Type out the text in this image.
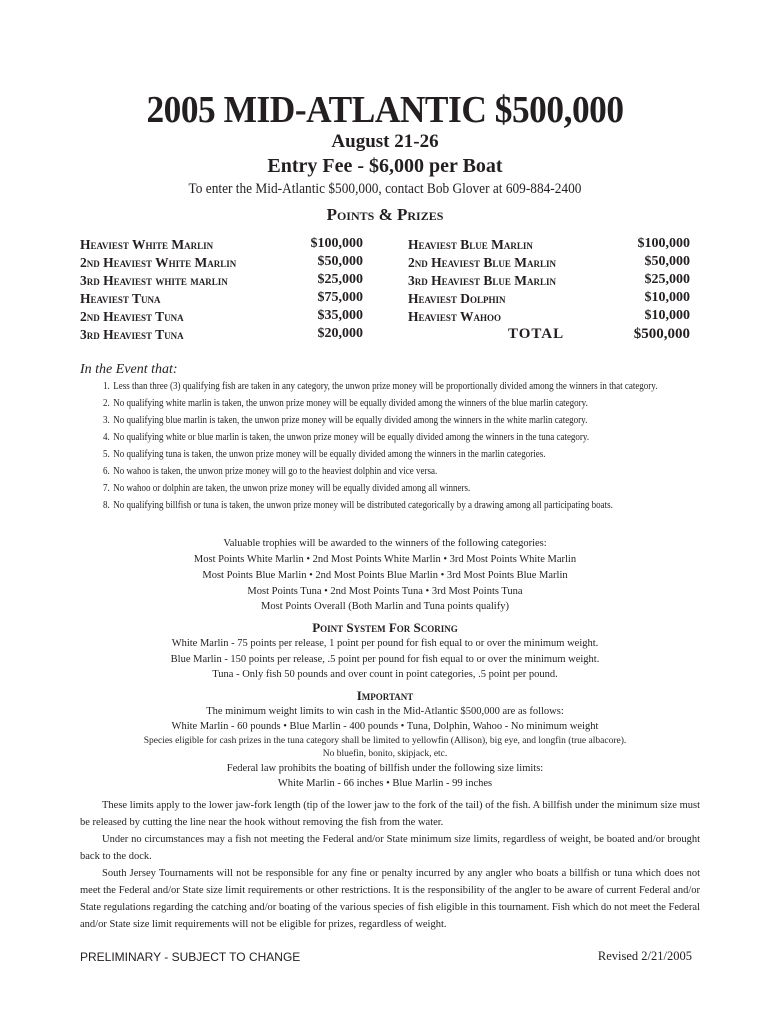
2005 MID-ATLANTIC $500,000
August 21-26
Entry Fee - $6,000 per Boat
To enter the Mid-Atlantic $500,000, contact Bob Glover at 609-884-2400
Points & Prizes
Heaviest White Marlin	$100,000
2nd Heaviest White Marlin	$50,000
3rd Heaviest white marlin	$25,000
Heaviest Tuna	$75,000
2nd Heaviest Tuna	$35,000
3rd Heaviest Tuna	$20,000
Heaviest Blue Marlin	$100,000
2nd Heaviest Blue Marlin	$50,000
3rd Heaviest Blue Marlin	$25,000
Heaviest Dolphin	$10,000
Heaviest Wahoo	$10,000
TOTAL	$500,000
In the Event that:
1. Less than three (3) qualifying fish are taken in any category, the unwon prize money will be proportionally divided among the winners in that category.
2. No qualifying white marlin is taken, the unwon prize money will be equally divided among the winners of the blue marlin category.
3. No qualifying blue marlin is taken, the unwon prize money will be equally divided among the winners in the white marlin category.
4. No qualifying white or blue marlin is taken, the unwon prize money will be equally divided among the winners in the tuna category.
5. No qualifying tuna is taken, the unwon prize money will be equally divided among the winners in the marlin categories.
6. No wahoo is taken, the unwon prize money will go to the heaviest dolphin and vice versa.
7. No wahoo or dolphin are taken, the unwon prize money will be equally divided among all winners.
8. No qualifying billfish or tuna is taken, the unwon prize money will be distributed categorically by a drawing among all participating boats.
Valuable trophies will be awarded to the winners of the following categories:
Most Points White Marlin • 2nd Most Points White Marlin • 3rd Most Points White Marlin
Most Points Blue Marlin • 2nd Most Points Blue Marlin • 3rd Most Points Blue Marlin
Most Points Tuna • 2nd Most Points Tuna • 3rd Most Points Tuna
Most Points Overall (Both Marlin and Tuna points qualify)
Point System For Scoring
White Marlin - 75 points per release, 1 point per pound for fish equal to or over the minimum weight.
Blue Marlin - 150 points per release, .5 point per pound for fish equal to or over the minimum weight.
Tuna - Only fish 50 pounds and over count in point categories, .5 point per pound.
Important
The minimum weight limits to win cash in the Mid-Atlantic $500,000 are as follows:
White Marlin - 60 pounds • Blue Marlin - 400 pounds • Tuna, Dolphin, Wahoo - No minimum weight
Species eligible for cash prizes in the tuna category shall be limited to yellowfin (Allison), big eye, and longfin (true albacore).
No bluefin, bonito, skipjack, etc.
Federal law prohibits the boating of billfish under the following size limits:
White Marlin - 66 inches • Blue Marlin - 99 inches

These limits apply to the lower jaw-fork length (tip of the lower jaw to the fork of the tail) of the fish. A billfish under the minimum size must be released by cutting the line near the hook without removing the fish from the water.

Under no circumstances may a fish not meeting the Federal and/or State minimum size limits, regardless of weight, be boated and/or brought back to the dock.

South Jersey Tournaments will not be responsible for any fine or penalty incurred by any angler who boats a billfish or tuna which does not meet the Federal and/or State size limit requirements or other restrictions. It is the responsibility of the angler to be aware of current Federal and/or State regulations regarding the catching and/or boating of the various species of fish eligible in this tournament. Fish which do not meet the Federal and/or State size limit requirements will not be eligible for prizes, regardless of weight.

PRELIMINARY - SUBJECT TO CHANGE	Revised 2/21/2005
